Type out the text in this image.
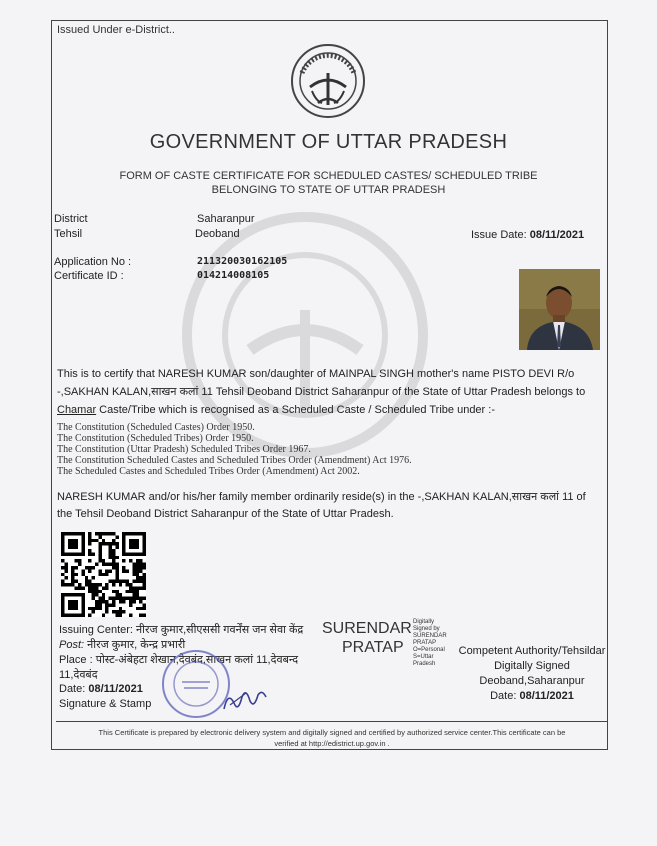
Issued Under e-District..
GOVERNMENT OF UTTAR PRADESH
FORM OF CASTE CERTIFICATE FOR SCHEDULED CASTES/ SCHEDULED TRIBE
BELONGING TO STATE OF UTTAR PRADESH
District	Saharanpur
Tehsil	Deoband	Issue Date: 08/11/2021
Application No :	211320030162105
Certificate ID :	014214008105
This is to certify that NARESH KUMAR son/daughter of MAINPAL SINGH mother's name PISTO DEVI R/o
-,SAKHAN KALAN,साखन कलां 11 Tehsil Deoband District Saharanpur of the State of Uttar Pradesh belongs to
Chamar Caste/Tribe which is recognised as a Scheduled Caste / Scheduled Tribe under :-
The Constitution (Scheduled Castes) Order 1950.
The Constitution (Scheduled Tribes) Order 1950.
The Constitution (Uttar Pradesh) Scheduled Tribes Order 1967.
The Constitution Scheduled Castes and Scheduled Tribes Order (Amendment) Act 1976.
The Scheduled Castes and Scheduled Tribes Order (Amendment) Act 2002.
NARESH KUMAR and/or his/her family member ordinarily reside(s) in the -,SAKHAN KALAN,साखन कलां 11 of
the Tehsil Deoband District Saharanpur of the State of Uttar Pradesh.
Issuing Center: नीरज कुमार,सीएससी गवर्नेंस जन सेवा केंद्र
Post: नीरज कुमार, केन्द्र प्रभारी
Place : पोस्ट-अंबेहटा शेखान,देवबंद,साखन कलां 11,देवबन्द
11,देवबंद
Date: 08/11/2021
Signature & Stamp
SURENDAR
PRATAP
Digitally
Signed by
SURENDAR
PRATAP
O=Personal
S=Uttar
Pradesh
Competent Authority/Tehsildar
Digitally Signed
Deoband,Saharanpur
Date: 08/11/2021
This Certificate is prepared by electronic delivery system and digitally signed and certified by authorized service center.This certificate can be
verified at http://edistrict.up.gov.in .
